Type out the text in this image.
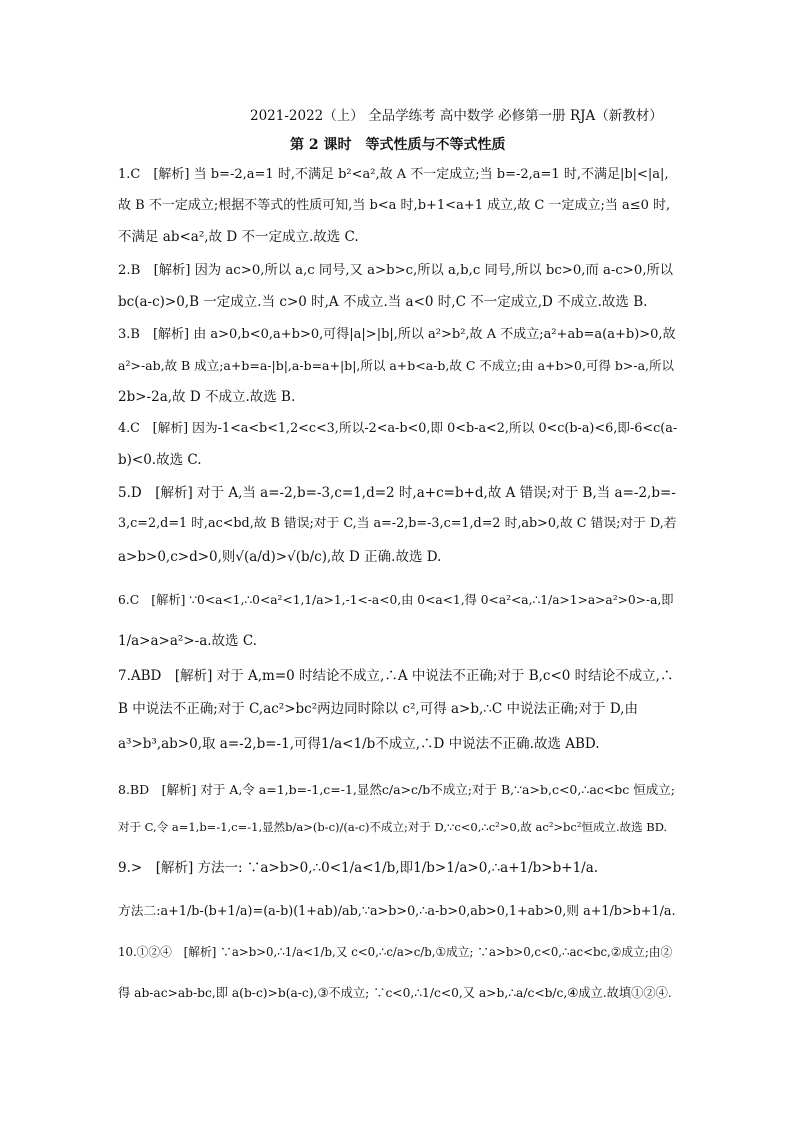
2021-2022（上） 全品学练考 高中数学 必修第一册 RJA（新教材）
第 2 课时　等式性质与不等式性质
1.C　[解析] 当 b=-2,a=1 时,不满足 b²<a²,故 A 不一定成立;当 b=-2,a=1 时,不满足|b|<|a|,
故 B 不一定成立;根据不等式的性质可知,当 b<a 时,b+1<a+1 成立,故 C 一定成立;当 a≤0 时,
不满足 ab<a²,故 D 不一定成立.故选 C.
2.B　[解析] 因为 ac>0,所以 a,c 同号,又 a>b>c,所以 a,b,c 同号,所以 bc>0,而 a-c>0,所以
bc(a-c)>0,B 一定成立.当 c>0 时,A 不成立.当 a<0 时,C 不一定成立,D 不成立.故选 B.
3.B　[解析] 由 a>0,b<0,a+b>0,可得|a|>|b|,所以 a²>b²,故 A 不成立;a²+ab=a(a+b)>0,故
a²>-ab,故 B 成立;a+b=a-|b|,a-b=a+|b|,所以 a+b<a-b,故 C 不成立;由 a+b>0,可得 b>-a,所以
2b>-2a,故 D 不成立.故选 B.
4.C　[解析] 因为-1<a<b<1,2<c<3,所以-2<a-b<0,即 0<b-a<2,所以 0<c(b-a)<6,即-6<c(a-
b)<0.故选 C.
5.D　[解析] 对于 A,当 a=-2,b=-3,c=1,d=2 时,a+c=b+d,故 A 错误;对于 B,当 a=-2,b=-
3,c=2,d=1 时,ac<bd,故 B 错误;对于 C,当 a=-2,b=-3,c=1,d=2 时,ab>0,故 C 错误;对于 D,若
a>b>0,c>d>0,则√(a/d)>√(b/c),故 D 正确.故选 D.
6.C　[解析] ∵0<a<1,∴0<a²<1,1/a>1,-1<-a<0,由 0<a<1,得 0<a²<a,∴1/a>1>a>a²>0>-a,即
1/a>a>a²>-a.故选 C.
7.ABD　[解析] 对于 A,m=0 时结论不成立,∴A 中说法不正确;对于 B,c<0 时结论不成立,∴
B 中说法不正确;对于 C,ac²>bc²两边同时除以 c²,可得 a>b,∴C 中说法正确;对于 D,由
a³>b³,ab>0,取 a=-2,b=-1,可得1/a<1/b不成立,∴D 中说法不正确.故选 ABD.
8.BD　[解析] 对于 A,令 a=1,b=-1,c=-1,显然c/a>c/b不成立;对于 B,∵a>b,c<0,∴ac<bc 恒成立;
对于 C,令 a=1,b=-1,c=-1,显然b/a>(b-c)/(a-c)不成立;对于 D,∵c<0,∴c²>0,故 ac²>bc²恒成立.故选 BD.
9.>　[解析] 方法一: ∵a>b>0,∴0<1/a<1/b,即1/b>1/a>0,∴a+1/b>b+1/a.
方法二:a+1/b-(b+1/a)=(a-b)(1+ab)/ab,∵a>b>0,∴a-b>0,ab>0,1+ab>0,则 a+1/b>b+1/a.
10.①②④　[解析] ∵a>b>0,∴1/a<1/b,又 c<0,∴c/a>c/b,①成立; ∵a>b>0,c<0,∴ac<bc,②成立;由②
得 ab-ac>ab-bc,即 a(b-c)>b(a-c),③不成立; ∵c<0,∴1/c<0,又 a>b,∴a/c<b/c,④成立.故填①②④.
